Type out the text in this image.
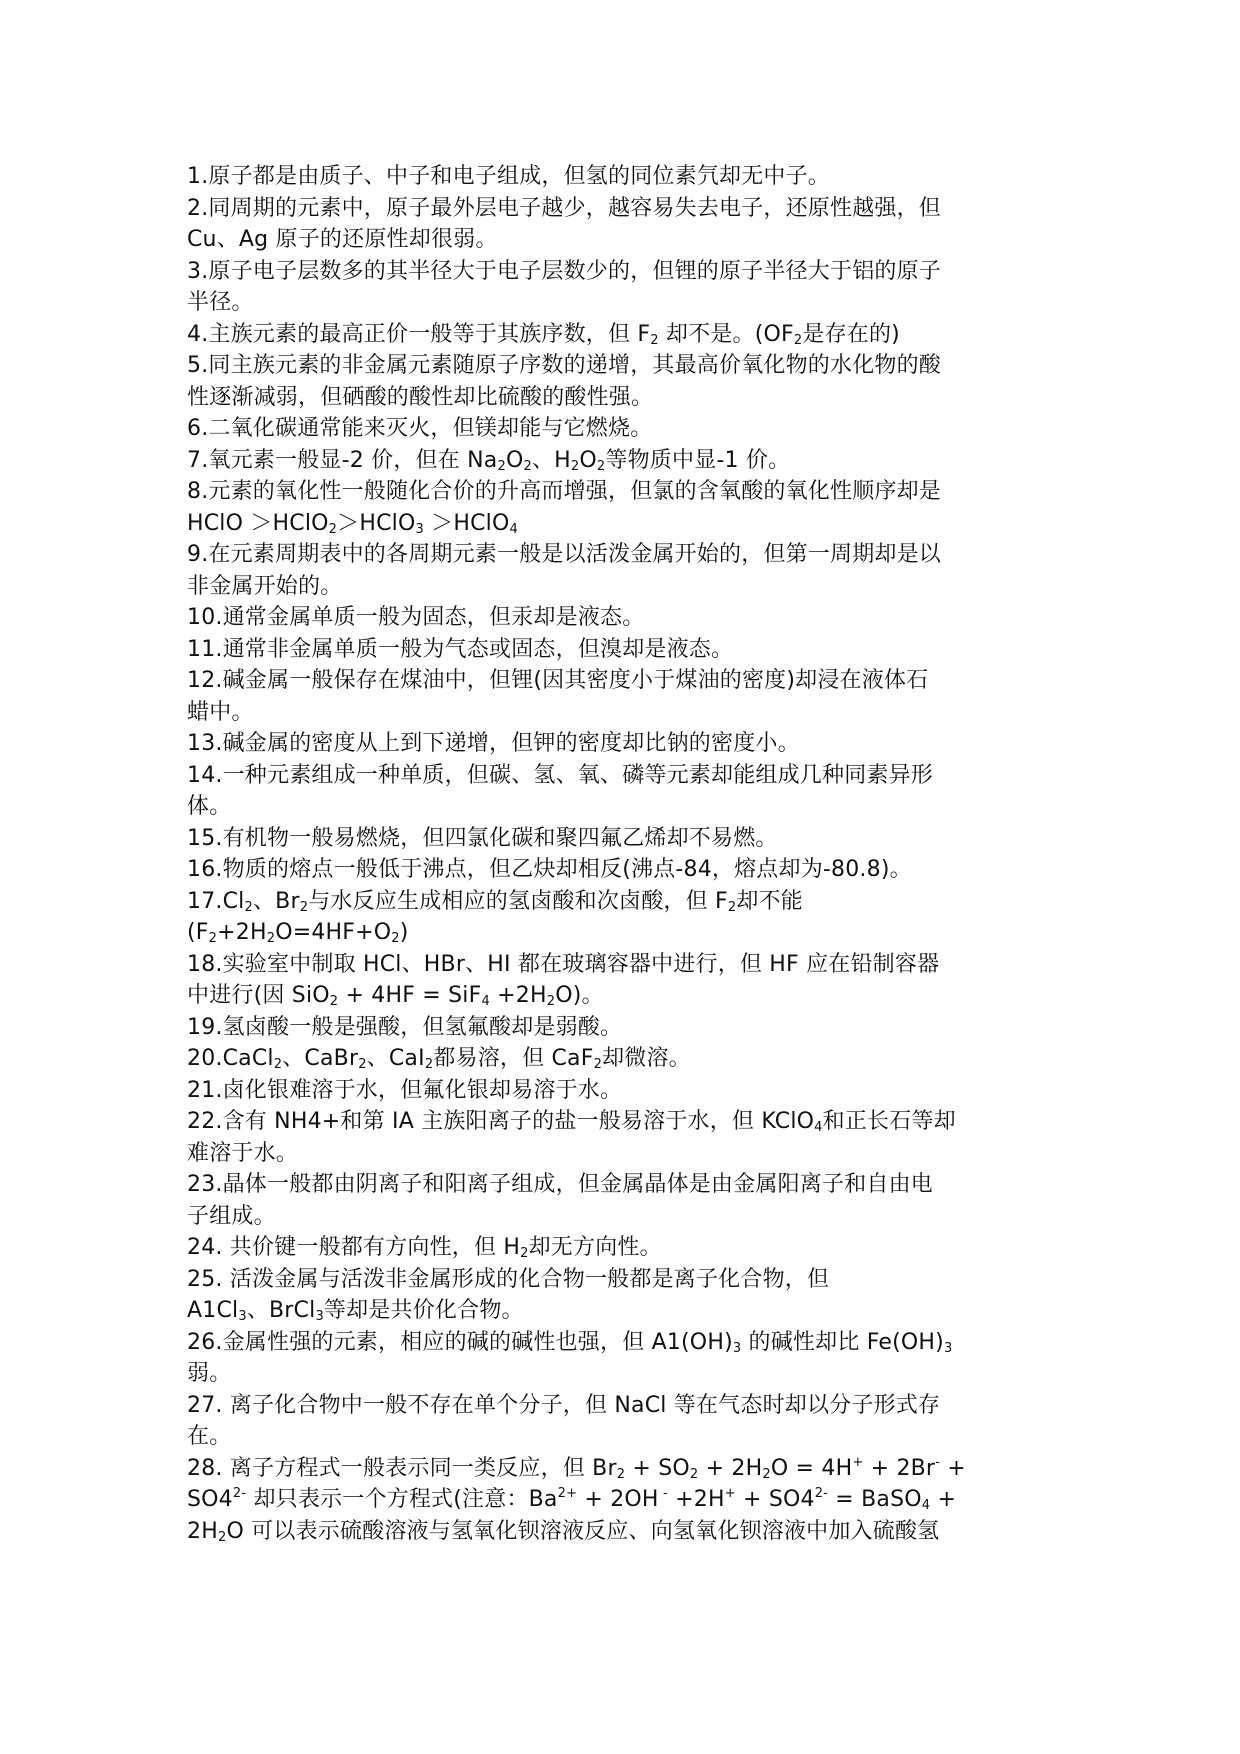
1.原子都是由质子、中子和电子组成，但氢的同位素氕却无中子。
2.同周期的元素中，原子最外层电子越少，越容易失去电子，还原性越强，但
Cu、Ag 原子的还原性却很弱。
3.原子电子层数多的其半径大于电子层数少的，但锂的原子半径大于铝的原子
半径。
4.主族元素的最高正价一般等于其族序数，但 $F_2$ 却不是。($OF_2$是存在的)
5.同主族元素的非金属元素随原子序数的递增，其最高价氧化物的水化物的酸
性逐渐减弱，但硒酸的酸性却比硫酸的酸性强。
6.二氧化碳通常能来灭火，但镁却能与它燃烧。
7.氧元素一般显-2 价，但在 $Na_2O_2$、$H_2O_2$等物质中显-1 价。
8.元素的氧化性一般随化合价的升高而增强，但氯的含氧酸的氧化性顺序却是
HClO ＞HClO$_2$＞HClO$_3$ ＞HClO$_4$
9.在元素周期表中的各周期元素一般是以活泼金属开始的，但第一周期却是以
非金属开始的。
10.通常金属单质一般为固态，但汞却是液态。
11.通常非金属单质一般为气态或固态，但溴却是液态。
12.碱金属一般保存在煤油中，但锂(因其密度小于煤油的密度)却浸在液体石
蜡中。
13.碱金属的密度从上到下递增，但钾的密度却比钠的密度小。
14.一种元素组成一种单质，但碳、氢、氧、磷等元素却能组成几种同素异形
体。
15.有机物一般易燃烧，但四氯化碳和聚四氟乙烯却不易燃。
16.物质的熔点一般低于沸点，但乙炔却相反(沸点-84，熔点却为-80.8)。
$17.Cl_2$、$Br_2$与水反应生成相应的氢卤酸和次卤酸，但 $F_2$却不能
$(F_2+2H_2O=4HF+O_2)$
18.实验室中制取 HCl、HBr、HI 都在玻璃容器中进行，但 HF 应在铅制容器
中进行(因 $SiO_2 + 4HF = SiF_4 +2H_2O$)。
19.氢卤酸一般是强酸，但氢氟酸却是弱酸。
20.CaCl$_2$、CaBr$_2$、CaI$_2$都易溶，但 CaF$_2$却微溶。
21.卤化银难溶于水，但氟化银却易溶于水。
22.含有 NH4+和第 IA 主族阳离子的盐一般易溶于水，但 KClO$_4$和正长石等却
难溶于水。
23.晶体一般都由阴离子和阳离子组成，但金属晶体是由金属阳离子和自由电
子组成。
24. 共价键一般都有方向性，但 $H_2$却无方向性。
25. 活泼金属与活泼非金属形成的化合物一般都是离子化合物，但
$A1Cl_3$、BrCl$_3$等却是共价化合物。
26.金属性强的元素，相应的碱的碱性也强，但 $A1(OH)_3$ 的碱性却比 $Fe(OH)_3$
弱。
27. 离子化合物中一般不存在单个分子，但 NaCl 等在气态时却以分子形式存
在。
28. 离子方程式一般表示同一类反应，但 $Br_2 + SO_2 + 2H_2O = 4H^+ + 2Br^-$ +
$SO4^{2-}$ 却只表示一个方程式(注意：$Ba^{2+} + 2OH$ $^- +2H^+ + SO4^{2-}$ = BaSO$_4$ +
$2H_2O$ 可以表示硫酸溶液与氢氧化钡溶液反应、向氢氧化钡溶液中加入硫酸氢
